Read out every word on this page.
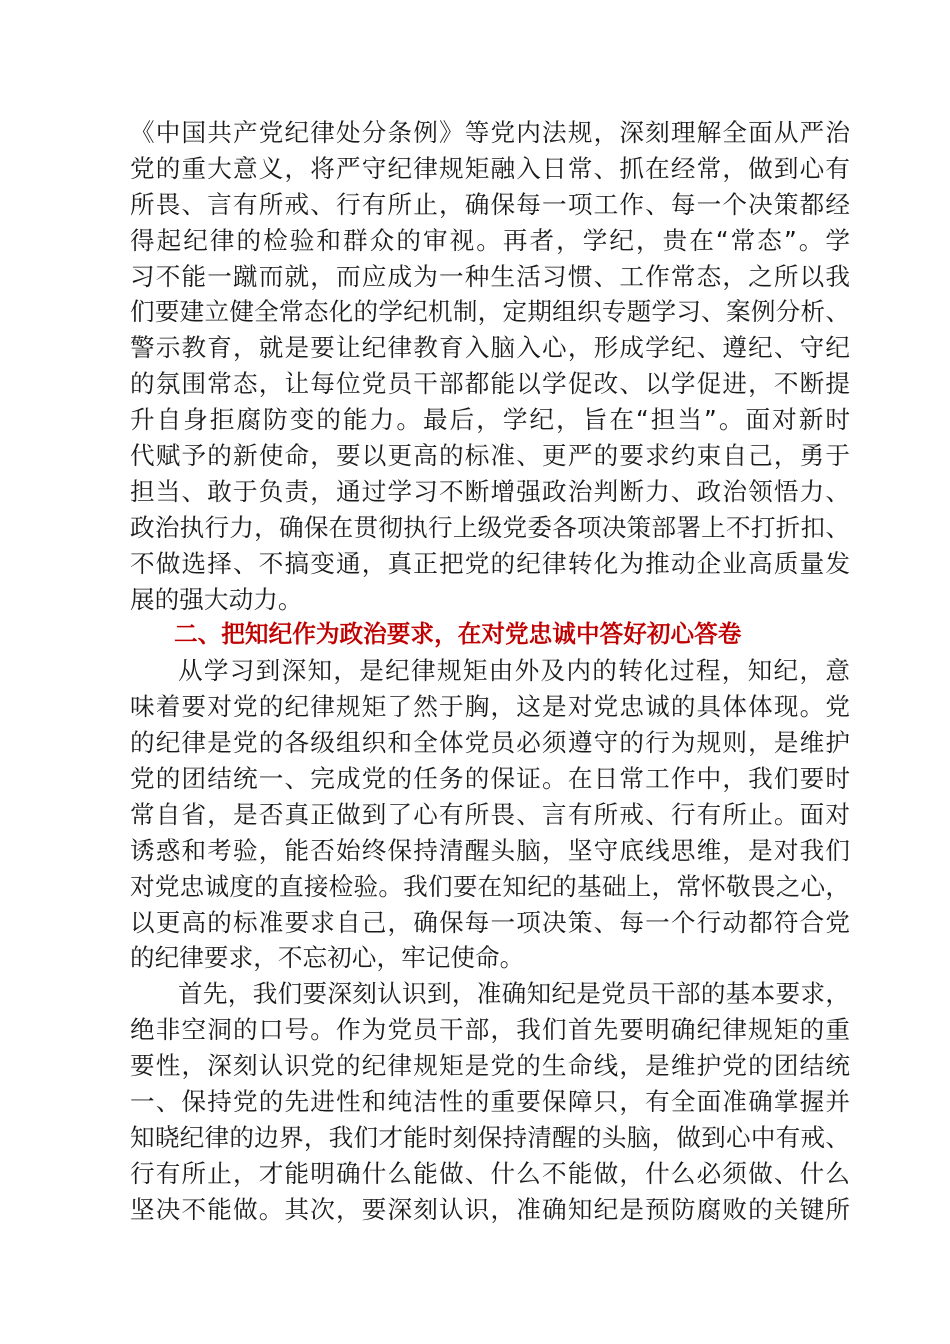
《中国共产党纪律处分条例》等党内法规，深刻理解全面从严治
党的重大意义，将严守纪律规矩融入日常、抓在经常，做到心有
所畏、言有所戒、行有所止，确保每一项工作、每一个决策都经
得起纪律的检验和群众的审视。再者，学纪，贵在“常态”。学
习不能一蹴而就，而应成为一种生活习惯、工作常态，之所以我
们要建立健全常态化的学纪机制，定期组织专题学习、案例分析、
警示教育，就是要让纪律教育入脑入心，形成学纪、遵纪、守纪
的氛围常态，让每位党员干部都能以学促改、以学促进，不断提
升自身拒腐防变的能力。最后，学纪，旨在“担当”。面对新时
代赋予的新使命，要以更高的标准、更严的要求约束自己，勇于
担当、敢于负责，通过学习不断增强政治判断力、政治领悟力、
政治执行力，确保在贯彻执行上级党委各项决策部署上不打折扣、
不做选择、不搞变通，真正把党的纪律转化为推动企业高质量发
展的强大动力。
二、把知纪作为政治要求，在对党忠诚中答好初心答卷
从学习到深知，是纪律规矩由外及内的转化过程，知纪，意
味着要对党的纪律规矩了然于胸，这是对党忠诚的具体体现。党
的纪律是党的各级组织和全体党员必须遵守的行为规则，是维护
党的团结统一、完成党的任务的保证。在日常工作中，我们要时
常自省，是否真正做到了心有所畏、言有所戒、行有所止。面对
诱惑和考验，能否始终保持清醒头脑，坚守底线思维，是对我们
对党忠诚度的直接检验。我们要在知纪的基础上，常怀敬畏之心，
以更高的标准要求自己，确保每一项决策、每一个行动都符合党
的纪律要求，不忘初心，牢记使命。
首先，我们要深刻认识到，准确知纪是党员干部的基本要求，
绝非空洞的口号。作为党员干部，我们首先要明确纪律规矩的重
要性，深刻认识党的纪律规矩是党的生命线，是维护党的团结统
一、保持党的先进性和纯洁性的重要保障只，有全面准确掌握并
知晓纪律的边界，我们才能时刻保持清醒的头脑，做到心中有戒、
行有所止，才能明确什么能做、什么不能做，什么必须做、什么
坚决不能做。其次，要深刻认识，准确知纪是预防腐败的关键所
